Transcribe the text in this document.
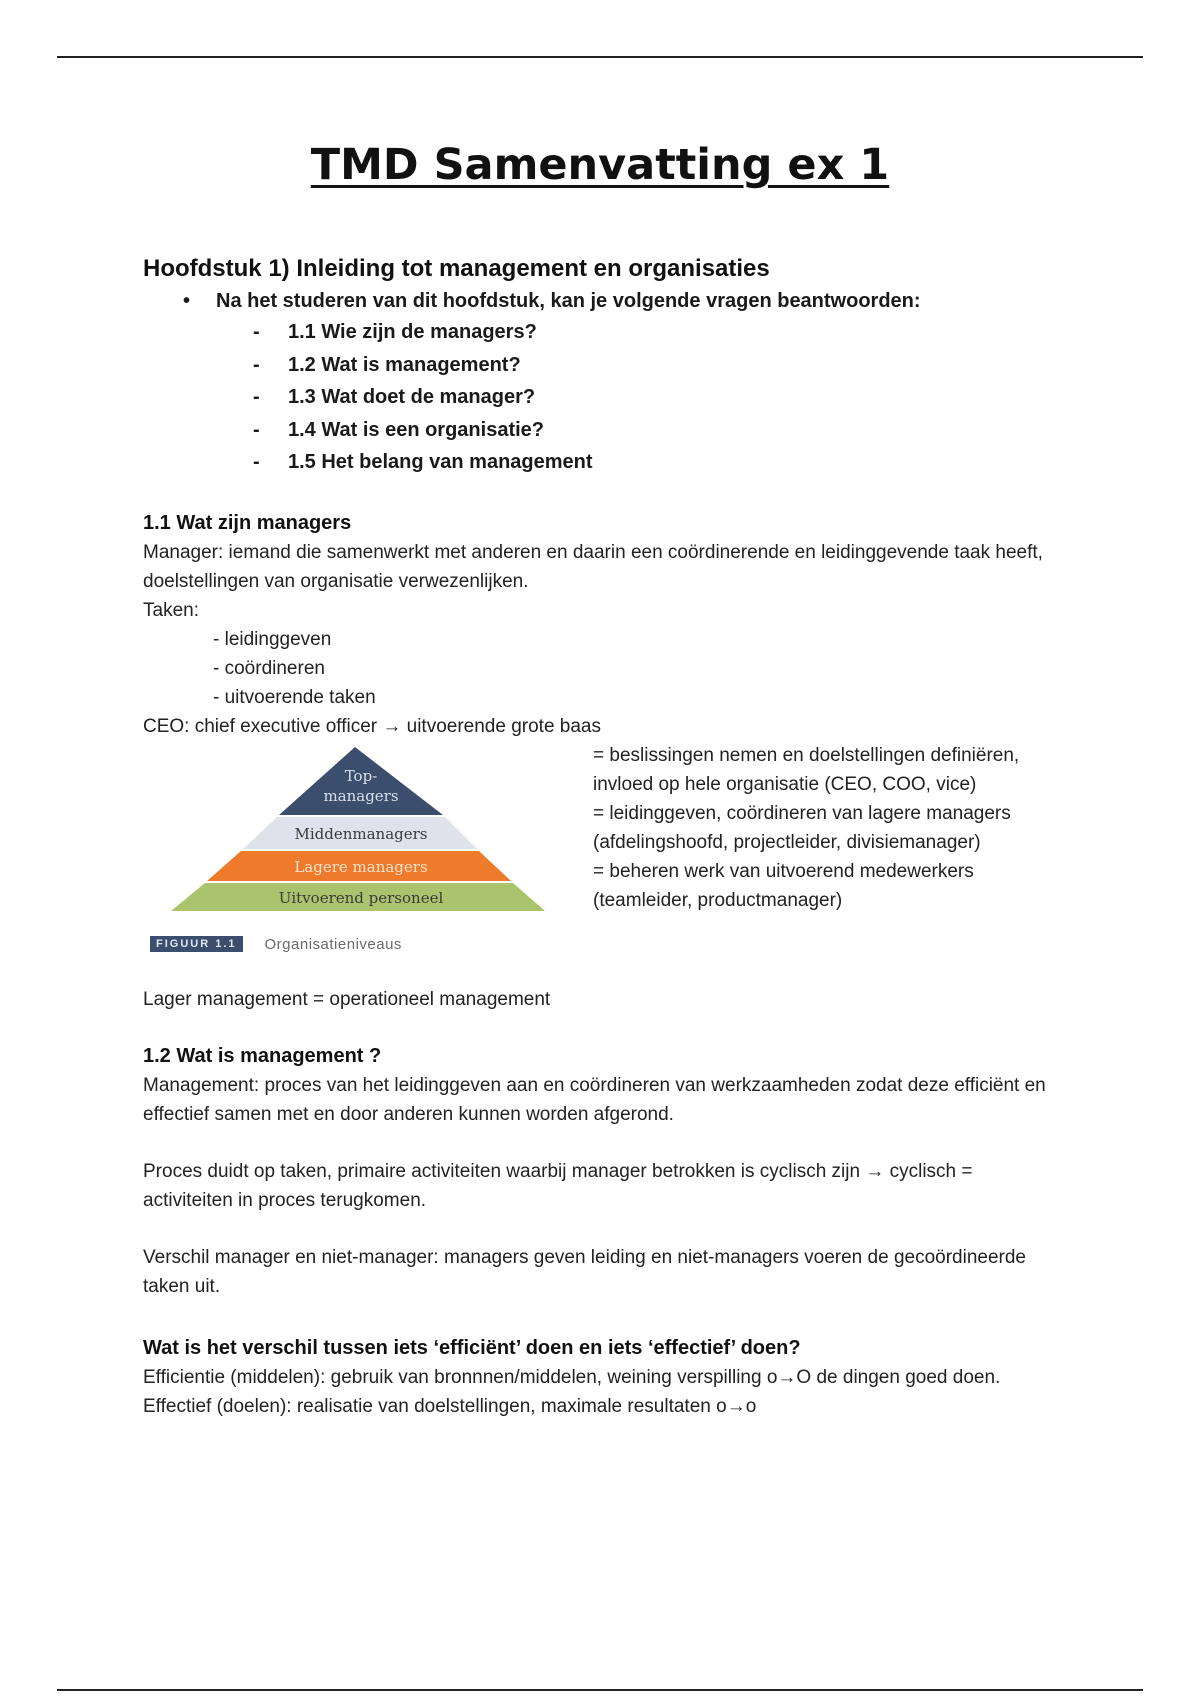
TMD Samenvatting ex 1
Hoofdstuk 1) Inleiding tot management en organisaties
• Na het studeren van dit hoofdstuk, kan je volgende vragen beantwoorden:
- 1.1 Wie zijn de managers?
- 1.2 Wat is management?
- 1.3 Wat doet de manager?
- 1.4 Wat is een organisatie?
- 1.5 Het belang van management
1.1 Wat zijn managers

Manager: iemand die samenwerkt met anderen en daarin een coördinerende en leidinggevende taak heeft, doelstellingen van organisatie verwezenlijken.

Taken:

- leidinggeven

- coördineren

- uitvoerende taken

CEO: chief executive officer → uitvoerende grote baas

Top-
managers
Middenmanagers
Lagere managers
Uitvoerend personeel
FIGUUR 1.1	Organisatieniveaus

= beslissingen nemen en doelstellingen definiëren, invloed op hele organisatie (CEO, COO, vice)

= leidinggeven, coördineren van lagere managers (afdelingshoofd, projectleider, divisiemanager)

= beheren werk van uitvoerend medewerkers (teamleider, productmanager)

Lager management = operationeel management

1.2 Wat is management ?

Management: proces van het leidinggeven aan en coördineren van werkzaamheden zodat deze efficiënt en effectief samen met en door anderen kunnen worden afgerond.

Proces duidt op taken, primaire activiteiten waarbij manager betrokken is cyclisch zijn → cyclisch = activiteiten in proces terugkomen.

Verschil manager en niet-manager: managers geven leiding en niet-managers voeren de gecoördineerde taken uit.

Wat is het verschil tussen iets ‘efficiënt’ doen en iets ‘effectief’ doen?

Efficientie (middelen): gebruik van bronnnen/middelen, weining verspilling o→O de dingen goed doen.

Effectief (doelen): realisatie van doelstellingen, maximale resultaten o→o
